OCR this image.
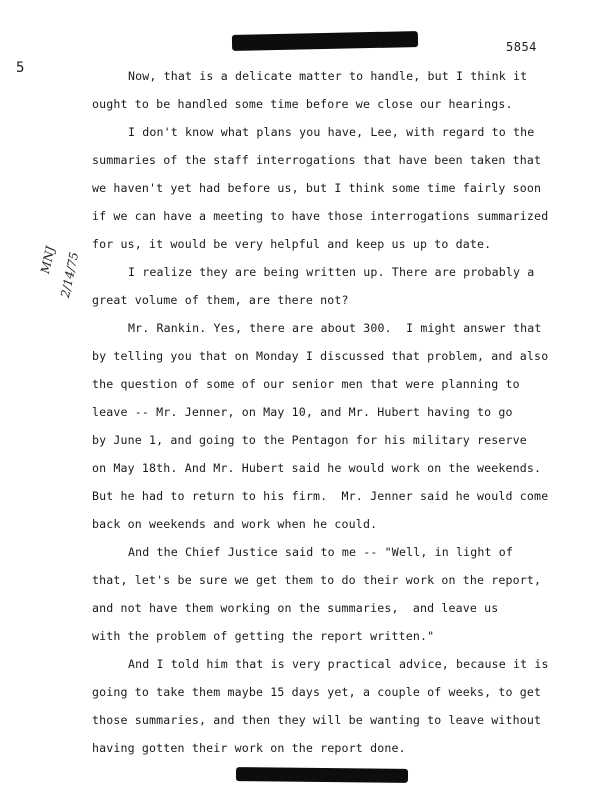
5854
5
MNJ 2/14/75
Now, that is a delicate matter to handle, but I think it
ought to be handled some time before we close our hearings.
I don't know what plans you have, Lee, with regard to the
summaries of the staff interrogations that have been taken that
we haven't yet had before us, but I think some time fairly soon
if we can have a meeting to have those interrogations summarized
for us, it would be very helpful and keep us up to date.
I realize they are being written up. There are probably a
great volume of them, are there not?
Mr. Rankin. Yes, there are about 300.  I might answer that
by telling you that on Monday I discussed that problem, and also
the question of some of our senior men that were planning to
leave -- Mr. Jenner, on May 10, and Mr. Hubert having to go
by June 1, and going to the Pentagon for his military reserve
on May 18th. And Mr. Hubert said he would work on the weekends.
But he had to return to his firm.  Mr. Jenner said he would come
back on weekends and work when he could.
And the Chief Justice said to me -- "Well, in light of
that, let's be sure we get them to do their work on the report,
and not have them working on the summaries,  and leave us
with the problem of getting the report written."
And I told him that is very practical advice, because it is
going to take them maybe 15 days yet, a couple of weeks, to get
those summaries, and then they will be wanting to leave without
having gotten their work on the report done.
